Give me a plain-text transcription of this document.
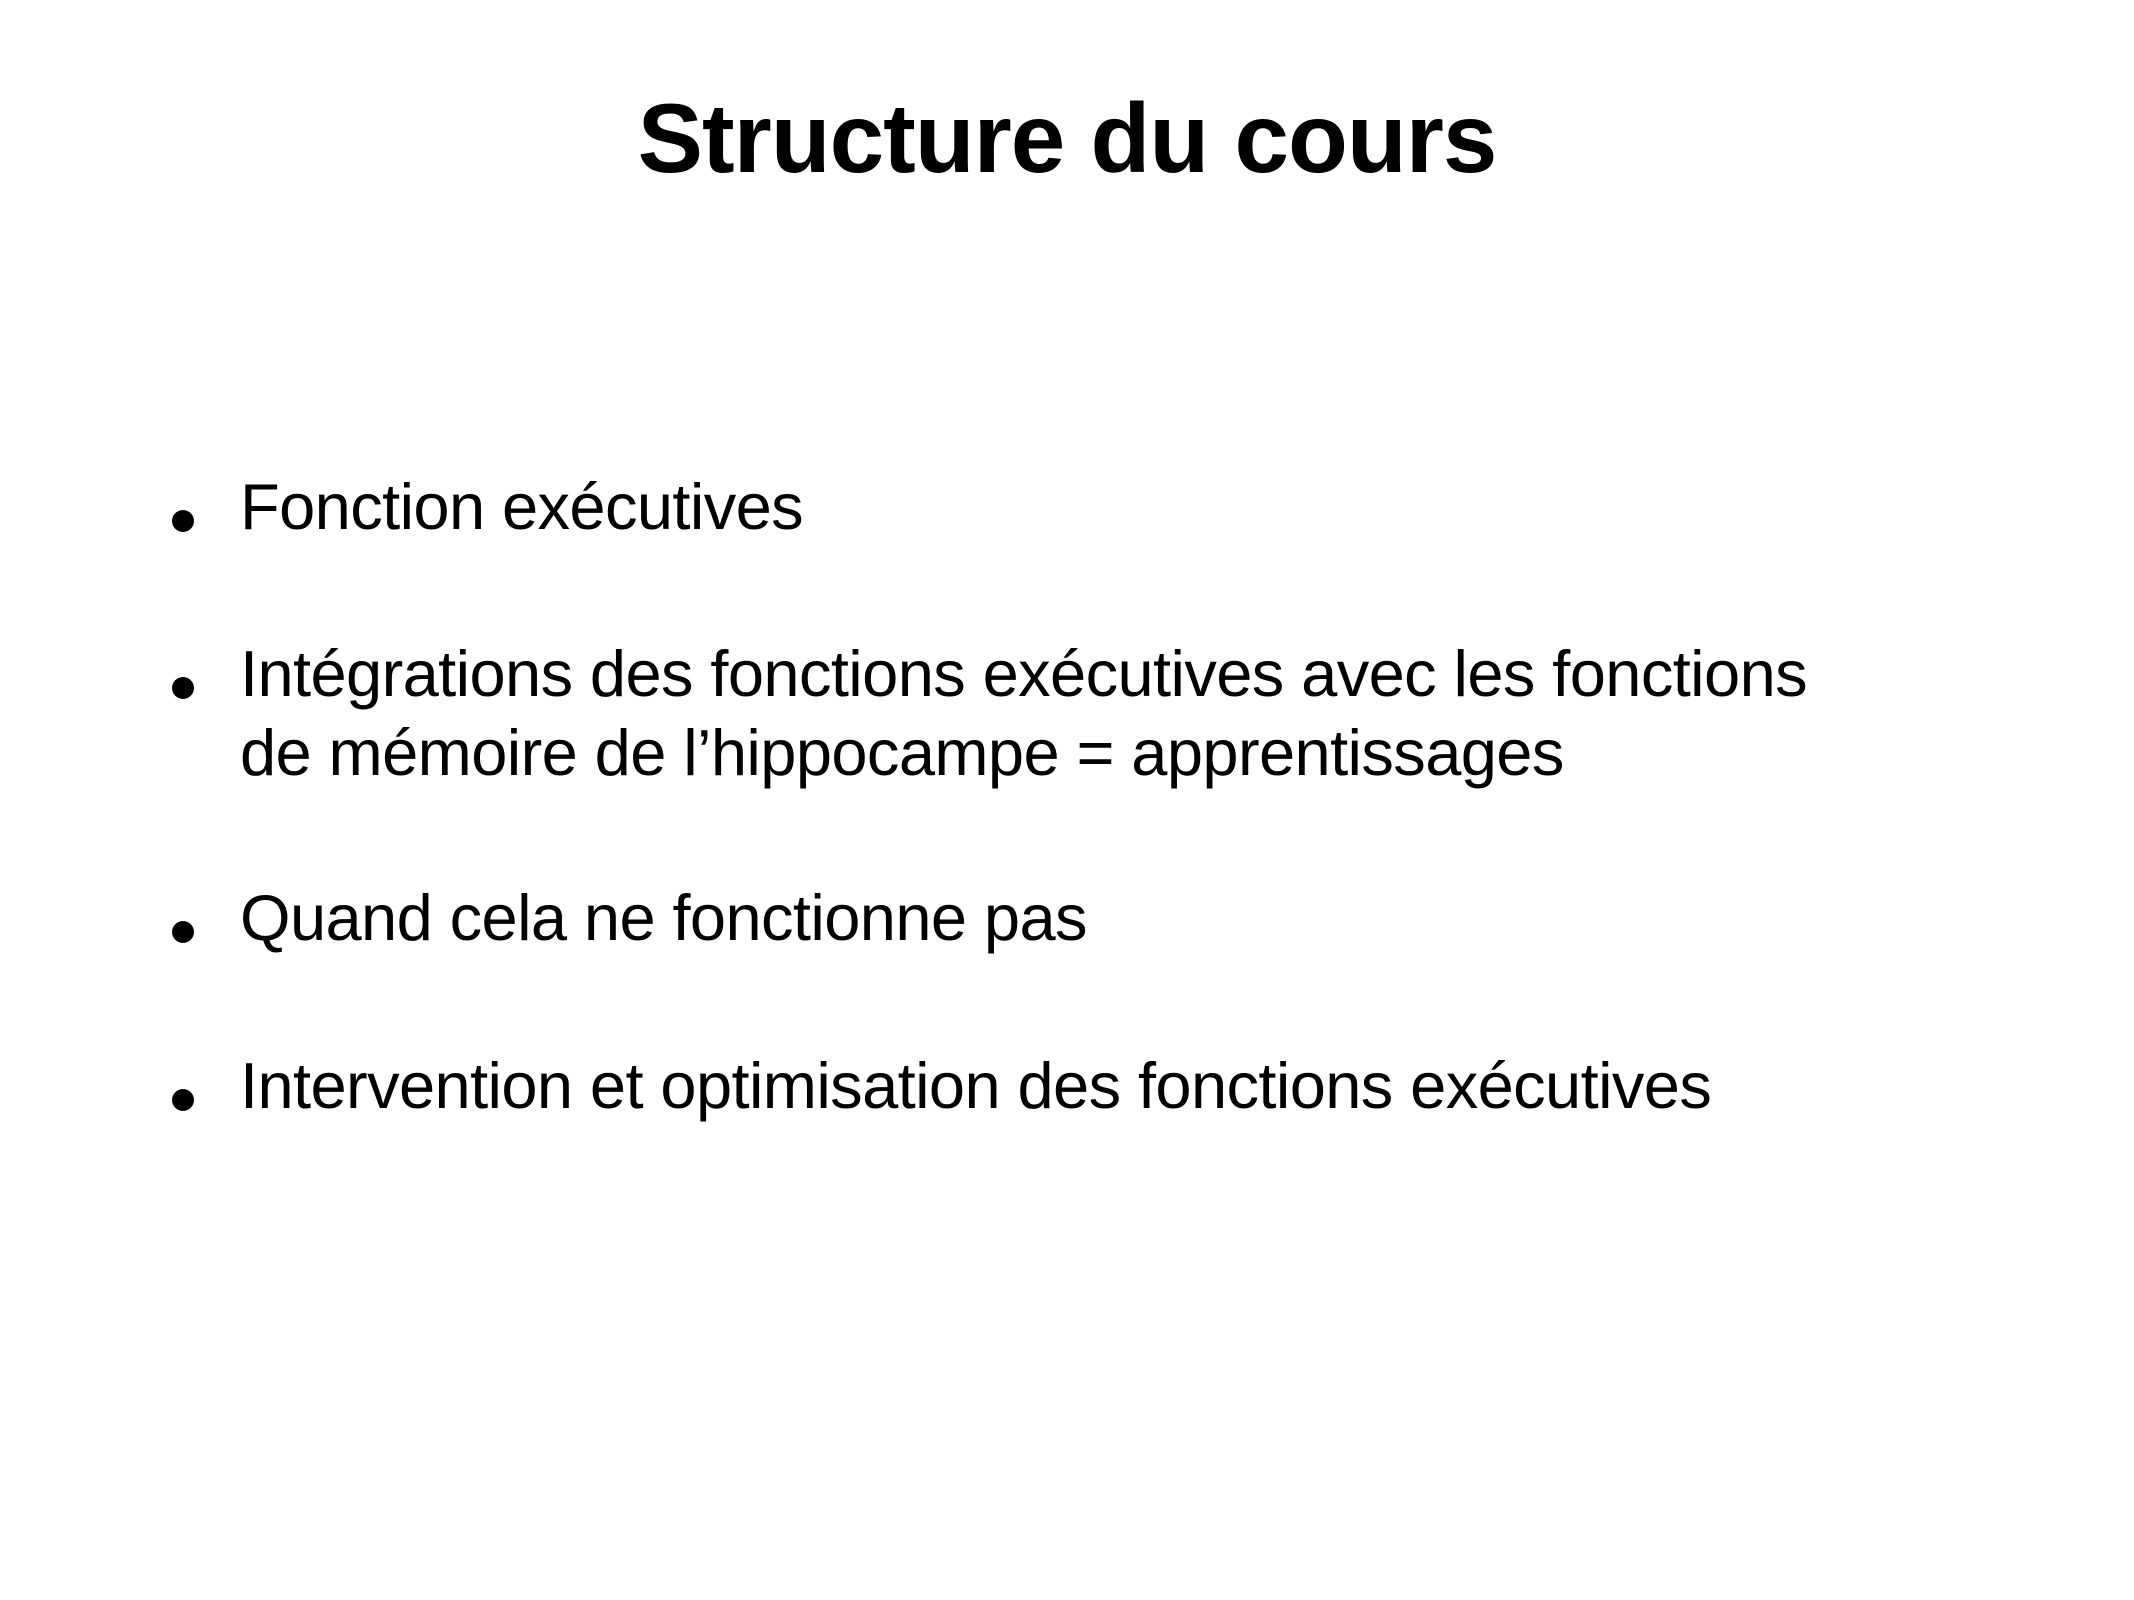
Structure du cours
Fonction exécutives
Intégrations des fonctions exécutives avec les fonctions
de mémoire de l’hippocampe = apprentissages
Quand cela ne fonctionne pas
Intervention et optimisation des fonctions exécutives
